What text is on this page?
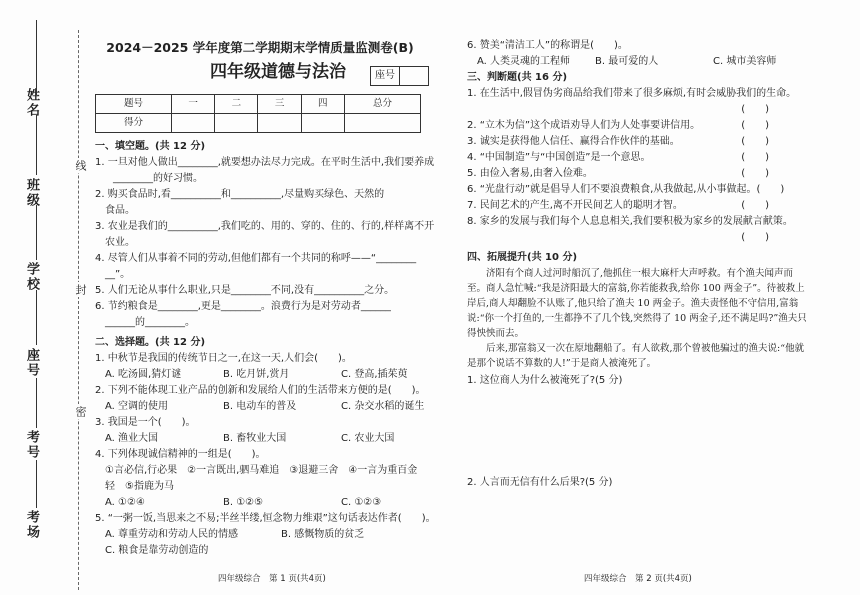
姓名
班级
学校
座号
考号
考场
线
封
密
2024－2025 学年度第二学期期末学情质量监测卷(B)
四年级道德与法治	座号
题号	一	二	三	四	总分
得分					
一、填空题。(共 12 分)
1. 一旦对他人做出________,就要想办法尽力完成。在平时生活中,我们要养成
________的好习惯。
2. 购买食品时,看__________和__________,尽量购买绿色、天然的
食品。
3. 农业是我们的__________,我们吃的、用的、穿的、住的、行的,样样离不开
农业。
4. 尽管人们从事着不同的劳动,但他们都有一个共同的称呼——“________
__”。
5. 人们无论从事什么职业,只是________不同,没有__________之分。
6. 节约粮食是________,更是________。浪费行为是对劳动者______
______的________。
二、选择题。(共 12 分)
1. 中秋节是我国的传统节日之一,在这一天,人们会(　　)。
A. 吃汤圆,猜灯谜	B. 吃月饼,赏月	C. 登高,插茱萸
2. 下列不能体现工业产品的创新和发展给人们的生活带来方便的是(　　)。
A. 空调的使用	B. 电动车的普及	C. 杂交水稻的诞生
3. 我国是一个(　　)。
A. 渔业大国	B. 畜牧业大国	C. 农业大国
4. 下列体现诚信精神的一组是(　　)。
①言必信,行必果　②一言既出,驷马难追　③退避三舍　④一言为重百金
轻　⑤指鹿为马
A. ①②④	B. ①②⑤	C. ①②③
5. “一粥一饭,当思来之不易;半丝半缕,恒念物力维艰”这句话表达作者(　　)。
A. 尊重劳动和劳动人民的情感	B. 感慨物质的贫乏
C. 粮食是靠劳动创造的
6. 赞美“清洁工人”的称谓是(　　)。
A. 人类灵魂的工程师	B. 最可爱的人	C. 城市美容师
三、判断题(共 16 分)
1. 在生活中,假冒伪劣商品给我们带来了很多麻烦,有时会威胁我们的生命。
(　　)
2. “立木为信”这个成语劝导人们为人处事要讲信用。	(　　)
3. 诚实是获得他人信任、赢得合作伙伴的基础。	(　　)
4. “中国制造”与“中国创造”是一个意思。	(　　)
5. 由俭入奢易,由奢入俭难。	(　　)
6. “光盘行动”就是倡导人们不要浪费粮食,从我做起,从小事做起。 (　　)
7. 民间艺术的产生,离不开民间艺人的聪明才智。	(　　)
8. 家乡的发展与我们每个人息息相关,我们要积极为家乡的发展献言献策。
(　　)
四、拓展提升(共 10 分)
济阳有个商人过河时船沉了,他抓住一根大麻杆大声呼救。有个渔夫闻声而至。商人急忙喊:“我是济阳最大的富翁,你若能救我,给你 100 两金子”。待被救上岸后,商人却翻脸不认账了,他只给了渔夫 10 两金子。渔夫责怪他不守信用,富翁说:“你一个打鱼的,一生都挣不了几个钱,突然得了 10 两金子,还不满足吗?”渔夫只得怏怏而去。
后来,那富翁又一次在原地翻船了。有人欲救,那个曾被他骗过的渔夫说:“他就是那个说话不算数的人!”于是商人被淹死了。
1. 这位商人为什么被淹死了?(5 分)
2. 人言而无信有什么后果?(5 分)
四年级综合　第 1 页(共4页)	四年级综合　第 2 页(共4页)
